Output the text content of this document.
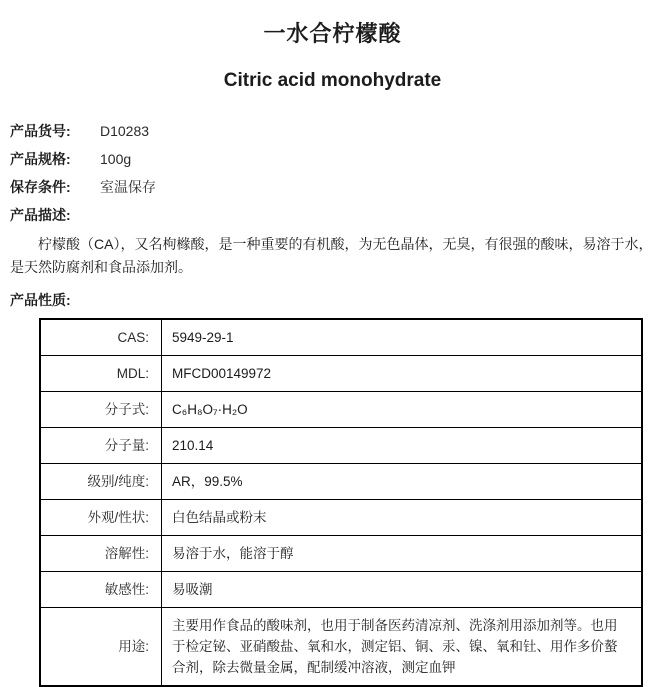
一水合柠檬酸
Citric acid monohydrate
产品货号:	D10283
产品规格:	100g
保存条件:	室温保存
产品描述:

柠檬酸（CA），又名枸橼酸，是一种重要的有机酸，为无色晶体，无臭，有很强的酸味，易溶于水，是天然防腐剂和食品添加剂。

产品性质:
CAS:	5949-29-1
MDL:	MFCD00149972
分子式:	C₆H₈O₇·H₂O
分子量:	210.14
级别/纯度:	AR，99.5%
外观/性状:	白色结晶或粉末
溶解性:	易溶于水，能溶于醇
敏感性:	易吸潮
用途:	主要用作食品的酸味剂，也用于制备医药清凉剂、洗涤剂用添加剂等。也用于检定铋、亚硝酸盐、氧和水，测定铝、铜、汞、镍、氧和钍、用作多价螯合剂，除去微量金属，配制缓冲溶液，测定血钾
